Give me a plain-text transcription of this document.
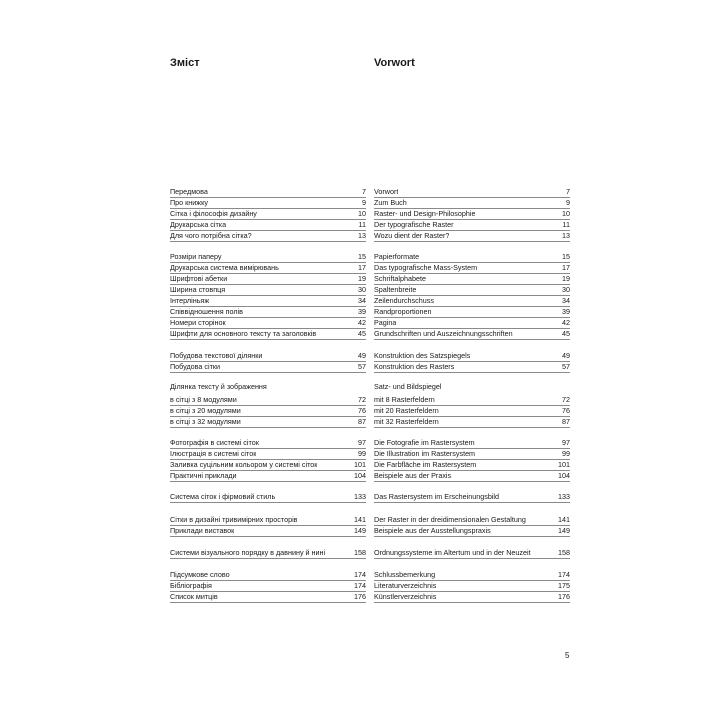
Зміст
Ділянка тексту й зображення
Передмова	7
Про книжку	9
Сітка і філософія дизайну	10
Друкарська сітка	11
Для чого потрібна сітка?	13
Розміри паперу	15
Друкарська система вимірювань	17
Шрифтові абетки	19
Ширина стовпця	30
Інтерліньяж	34
Співвідношення полів	39
Номери сторінок	42
Шрифти для основного тексту та заголовків	45
Побудова текстової ділянки	49
Побудова сітки	57
в сітці з 8 модулями	72
в сітці з 20 модулями	76
в сітці з 32 модулями	87
Фотографія в системі сіток	97
Ілюстрація в системі сіток	99
Заливка суцільним кольором у системі сіток	101
Практичні приклади	104
Система сіток і фірмовий стиль	133
Сітки в дизайні тривимірних просторів	141
Приклади виставок	149
Системи візуального порядку в давнину й нині	158
Підсумкове слово	174
Бібліографія	174
Список митців	176
Vorwort
Satz- und Bildspiegel
Vorwort	7
Zum Buch	9
Raster- und Design-Philosophie	10
Der typografische Raster	11
Wozu dient der Raster?	13
Papierformate	15
Das typografische Mass-System	17
Schriftalphabete	19
Spaltenbreite	30
Zeilendurchschuss	34
Randproportionen	39
Pagina	42
Grundschriften und Auszeichnungsschriften	45
Konstruktion des Satzspiegels	49
Konstruktion des Rasters	57
mit 8 Rasterfeldern	72
mit 20 Rasterfeldern	76
mit 32 Rasterfeldern	87
Die Fotografie im Rastersystem	97
Die Illustration im Rastersystem	99
Die Farbfläche im Rastersystem	101
Beispiele aus der Praxis	104
Das Rastersystem im Erscheinungsbild	133
Der Raster in der dreidimensionalen Gestaltung	141
Beispiele aus der Ausstellungspraxis	149
Ordnungssysteme im Altertum und in der Neuzeit	158
Schlussbemerkung	174
Literaturverzeichnis	175
Künstlerverzeichnis	176
5
